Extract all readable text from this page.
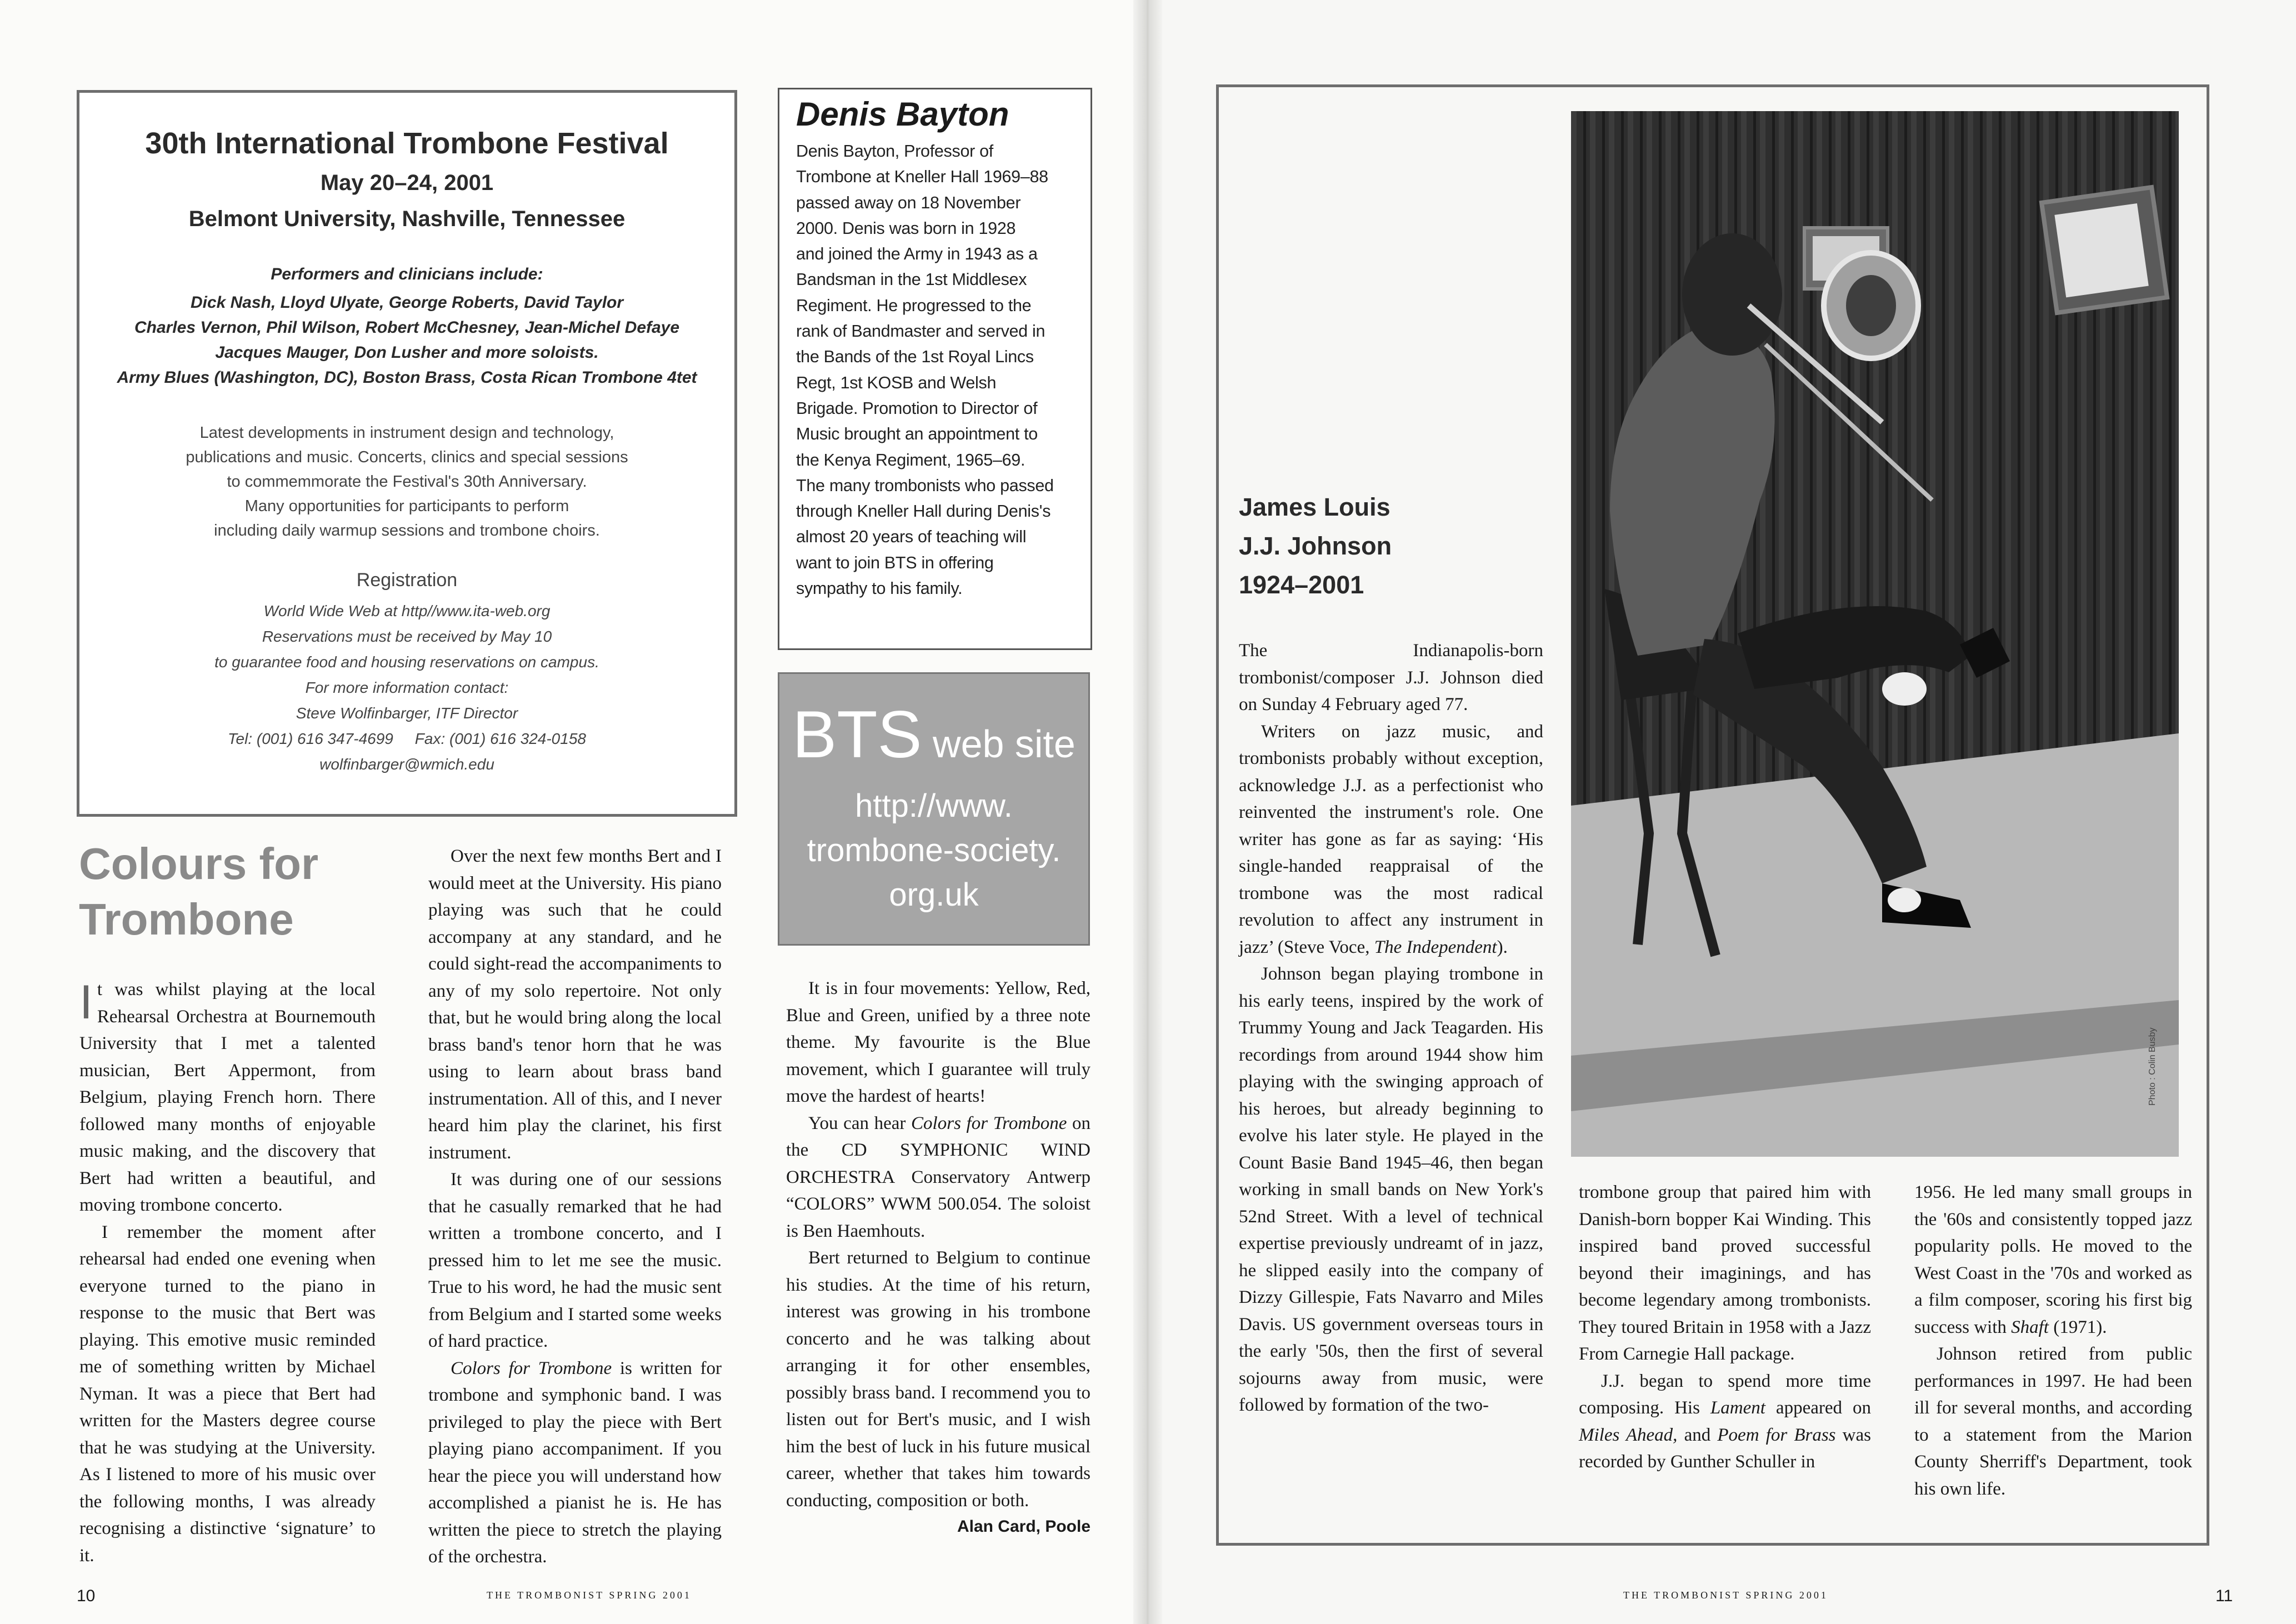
30th International Trombone Festival
May 20–24, 2001
Belmont University, Nashville, Tennessee
Performers and clinicians include:
Dick Nash, Lloyd Ulyate, George Roberts, David Taylor
Charles Vernon, Phil Wilson, Robert McChesney, Jean-Michel Defaye
Jacques Mauger, Don Lusher and more soloists.
Army Blues (Washington, DC), Boston Brass, Costa Rican Trombone 4tet
Latest developments in instrument design and technology,
publications and music. Concerts, clinics and special sessions
to commemmorate the Festival's 30th Anniversary.
Many opportunities for participants to perform
including daily warmup sessions and trombone choirs.
Registration
World Wide Web at http//www.ita-web.org
Reservations must be received by May 10
to guarantee food and housing reservations on campus.
For more information contact:
Steve Wolfinbarger, ITF Director
Tel: (001) 616 347-4699     Fax: (001) 616 324-0158
wolfinbarger@wmich.edu
Denis Bayton
Denis Bayton, Professor of
Trombone at Kneller Hall 1969–88
passed away on 18 November
2000. Denis was born in 1928
and joined the Army in 1943 as a
Bandsman in the 1st Middlesex
Regiment. He progressed to the
rank of Bandmaster and served in
the Bands of the 1st Royal Lincs
Regt, 1st KOSB and Welsh
Brigade. Promotion to Director of
Music brought an appointment to
the Kenya Regiment, 1965–69.
The many trombonists who passed
through Kneller Hall during Denis's
almost 20 years of teaching will
want to join BTS in offering
sympathy to his family.
BTS web site
http://www.
trombone-society.
org.uk
Colours for
Trombone

It was whilst playing at the local Rehearsal Orchestra at Bournemouth University that I met a talented musician, Bert Appermont, from Belgium, playing French horn. There followed many months of enjoyable music making, and the discovery that Bert had written a beautiful, and moving trombone concerto.

I remember the moment after rehearsal had ended one evening when everyone turned to the piano in response to the music that Bert was playing. This emotive music reminded me of something written by Michael Nyman. It was a piece that Bert had written for the Masters degree course that he was studying at the University. As I listened to more of his music over the following months, I was already recognising a distinctive ‘signature’ to it.

Over the next few months Bert and I would meet at the University. His piano playing was such that he could accompany at any standard, and he could sight-read the accompaniments to any of my solo repertoire. Not only that, but he would bring along the local brass band's tenor horn that he was using to learn about brass band instrumentation. All of this, and I never heard him play the clarinet, his first instrument.

It was during one of our sessions that he casually remarked that he had written a trombone concerto, and I pressed him to let me see the music. True to his word, he had the music sent from Belgium and I started some weeks of hard practice.

Colors for Trombone is written for trombone and symphonic band. I was privileged to play the piece with Bert playing piano accompaniment. If you hear the piece you will understand how accomplished a pianist he is. He has written the piece to stretch the playing of the orchestra.

It is in four movements: Yellow, Red, Blue and Green, unified by a three note theme. My favourite is the Blue movement, which I guarantee will truly move the hardest of hearts!

You can hear Colors for Trombone on the CD SYMPHONIC WIND ORCHESTRA Conservatory Antwerp “COLORS” WWM 500.054. The soloist is Ben Haemhouts.

Bert returned to Belgium to continue his studies. At the time of his return, interest was growing in his trombone concerto and he was talking about arranging it for other ensembles, possibly brass band. I recommend you to listen out for Bert's music, and I wish him the best of luck in his future musical career, whether that takes him towards conducting, composition or both.

Alan Card, Poole
10	THE TROMBONIST SPRING 2001
Photo : Colin Busby
James Louis
J.J. Johnson
1924–2001

The Indianapolis-born trombonist/composer J.J. Johnson died on Sunday 4 February aged 77.

Writers on jazz music, and trombonists probably without exception, acknowledge J.J. as a perfectionist who reinvented the instrument's role. One writer has gone as far as saying: ‘His single-handed reappraisal of the trombone was the most radical revolution to affect any instrument in jazz’ (Steve Voce, The Independent).

Johnson began playing trombone in his early teens, inspired by the work of Trummy Young and Jack Teagarden. His recordings from around 1944 show him playing with the swinging approach of his heroes, but already beginning to evolve his later style. He played in the Count Basie Band 1945–46, then began working in small bands on New York's 52nd Street. With a level of technical expertise previously undreamt of in jazz, he slipped easily into the company of Dizzy Gillespie, Fats Navarro and Miles Davis. US government overseas tours in the early '50s, then the first of several sojourns away from music, were followed by formation of the two-

trombone group that paired him with Danish-born bopper Kai Winding. This inspired band proved successful beyond their imaginings, and has become legendary among trombonists. They toured Britain in 1958 with a Jazz From Carnegie Hall package.

J.J. began to spend more time composing. His Lament appeared on Miles Ahead, and Poem for Brass was recorded by Gunther Schuller in

1956. He led many small groups in the '60s and consistently topped jazz popularity polls. He moved to the West Coast in the '70s and worked as a film composer, scoring his first big success with Shaft (1971).

Johnson retired from public performances in 1997. He had been ill for several months, and according to a statement from the Marion County Sherriff's Department, took his own life.

THE TROMBONIST SPRING 2001	11
